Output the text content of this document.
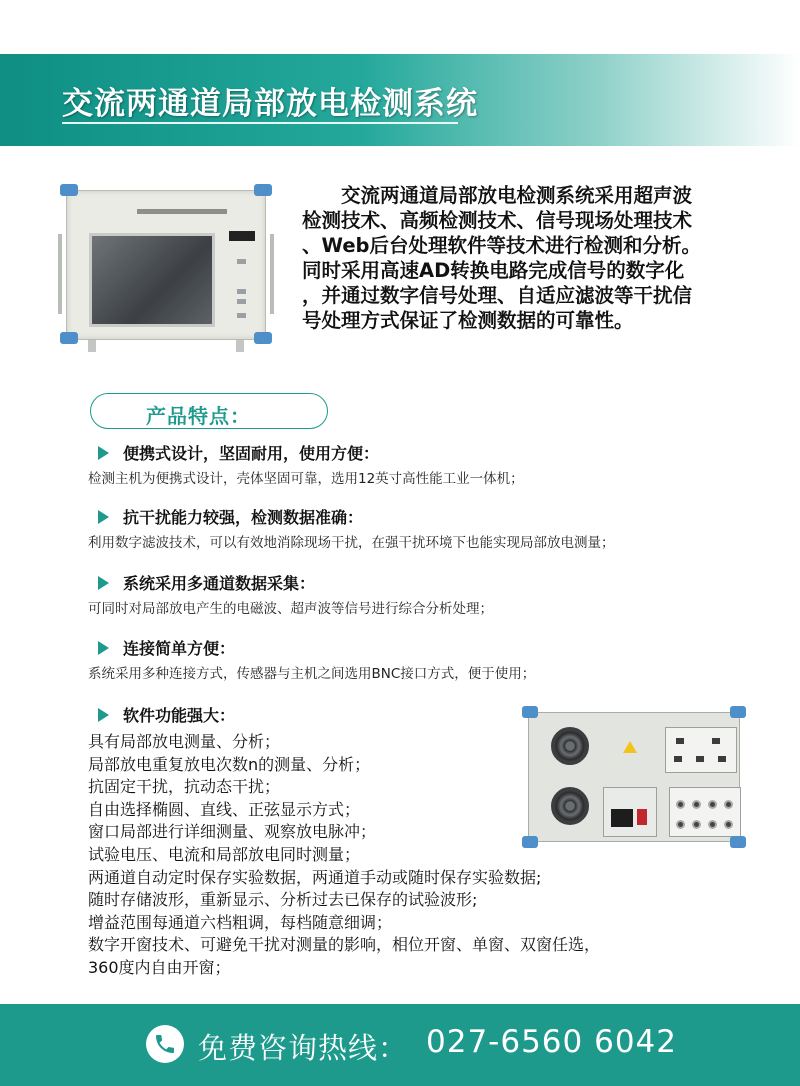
交流两通道局部放电检测系统
　　交流两通道局部放电检测系统采用超声波
检测技术、高频检测技术、信号现场处理技术
、Web后台处理软件等技术进行检测和分析。
同时采用高速AD转换电路完成信号的数字化
，并通过数字信号处理、自适应滤波等干扰信
号处理方式保证了检测数据的可靠性。
产品特点：
便携式设计，坚固耐用，使用方便：
检测主机为便携式设计，壳体坚固可靠，选用12英寸高性能工业一体机；
抗干扰能力较强，检测数据准确：
利用数字滤波技术，可以有效地消除现场干扰，在强干扰环境下也能实现局部放电测量；
系统采用多通道数据采集：
可同时对局部放电产生的电磁波、超声波等信号进行综合分析处理；
连接简单方便：
系统采用多种连接方式，传感器与主机之间选用BNC接口方式，便于使用；
软件功能强大：
具有局部放电测量、分析；
局部放电重复放电次数n的测量、分析；
抗固定干扰，抗动态干扰；
自由选择椭圆、直线、正弦显示方式；
窗口局部进行详细测量、观察放电脉冲；
试验电压、电流和局部放电同时测量；
两通道自动定时保存实验数据，两通道手动或随时保存实验数据;
随时存储波形，重新显示、分析过去已保存的试验波形;
增益范围每通道六档粗调，每档随意细调；
数字开窗技术、可避免干扰对测量的影响，相位开窗、单窗、双窗任选，
360度内自由开窗；
免费咨询热线： 027-6560 6042
